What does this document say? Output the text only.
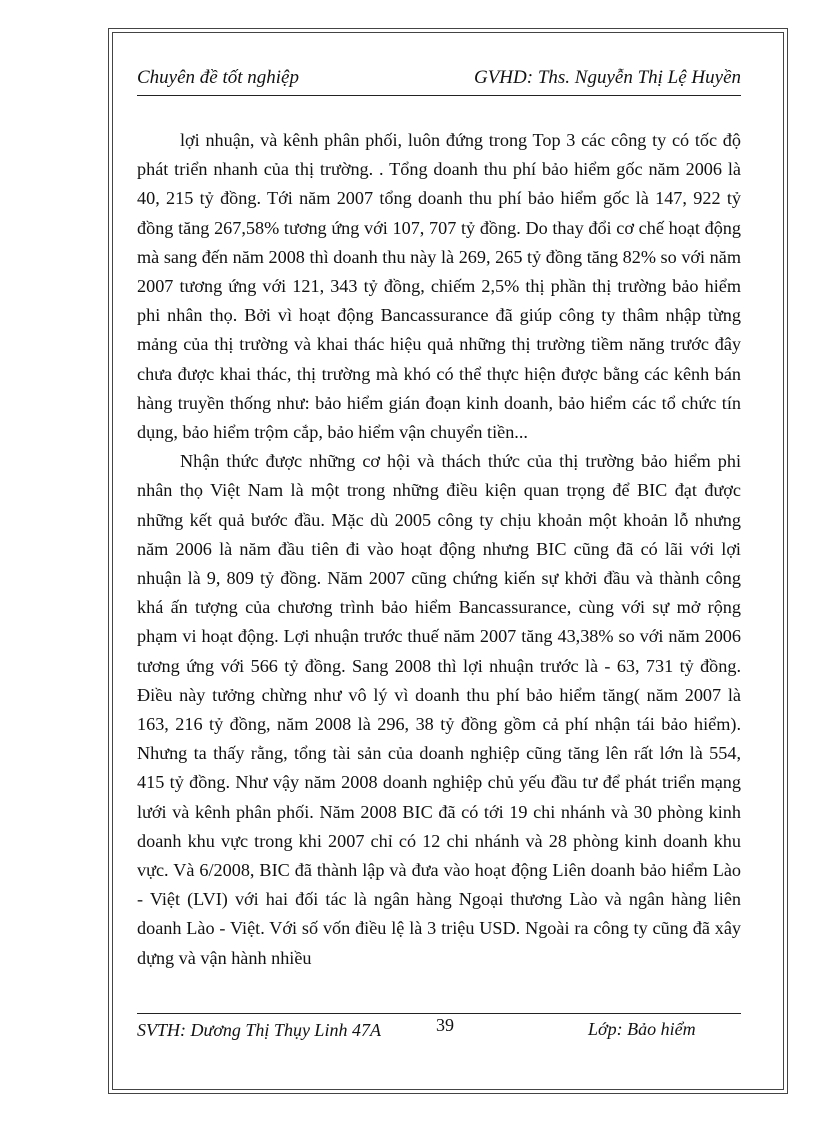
Chuyên đề tốt nghiệp	GVHD: Ths. Nguyễn Thị Lệ Huyền

lợi nhuận, và kênh phân phối, luôn đứng trong Top 3 các công ty có tốc độ phát triển nhanh của thị trường. . Tổng doanh thu phí bảo hiểm gốc năm 2006 là 40, 215 tỷ đồng. Tới năm 2007 tổng doanh thu phí bảo hiểm gốc là 147, 922 tỷ đồng tăng 267,58% tương ứng với 107, 707 tỷ đồng. Do thay đổi cơ chế hoạt động mà sang đến năm 2008 thì doanh thu này là 269, 265 tỷ đồng tăng 82% so với năm 2007 tương ứng với 121, 343 tỷ đồng, chiếm 2,5% thị phần thị trường bảo hiểm phi nhân thọ. Bởi vì hoạt động Bancassurance đã giúp công ty thâm nhập từng mảng của thị trường và khai thác hiệu quả những thị trường tiềm năng trước đây chưa được khai thác, thị trường mà khó có thể thực hiện được bằng các kênh bán hàng truyền thống như: bảo hiểm gián đoạn kinh doanh, bảo hiểm các tổ chức tín dụng, bảo hiểm trộm cắp, bảo hiểm vận chuyển tiền...

Nhận thức được những cơ hội và thách thức của thị trường bảo hiểm phi nhân thọ Việt Nam là một trong những điều kiện quan trọng để BIC đạt được những kết quả bước đầu. Mặc dù 2005 công ty chịu khoản một khoản lỗ nhưng năm 2006 là năm đầu tiên đi vào hoạt động nhưng BIC cũng đã có lãi với lợi nhuận là 9, 809 tỷ đồng. Năm 2007 cũng chứng kiến sự khởi đầu và thành công khá ấn tượng của chương trình bảo hiểm Bancassurance, cùng với sự mở rộng phạm vi hoạt động. Lợi nhuận trước thuế năm 2007 tăng 43,38% so với năm 2006 tương ứng với 566 tỷ đồng. Sang 2008 thì lợi nhuận trước là - 63, 731 tỷ đồng. Điều này tưởng chừng như vô lý vì doanh thu phí bảo hiểm tăng( năm 2007 là 163, 216 tỷ đồng, năm 2008 là 296, 38 tỷ đồng gồm cả phí nhận tái bảo hiểm). Nhưng ta thấy rằng, tổng tài sản của doanh nghiệp cũng tăng lên rất lớn là 554, 415 tỷ đồng. Như vậy năm 2008 doanh nghiệp chủ yếu đầu tư để phát triển mạng lưới và kênh phân phối. Năm 2008 BIC đã có tới 19 chi nhánh và 30 phòng kinh doanh khu vực trong khi 2007 chỉ có 12 chi nhánh và 28 phòng kinh doanh khu vực. Và 6/2008, BIC đã thành lập và đưa vào hoạt động Liên doanh bảo hiểm Lào - Việt (LVI) với hai đối tác là ngân hàng Ngoại thương Lào và ngân hàng liên doanh Lào - Việt. Với số vốn điều lệ là 3 triệu USD. Ngoài ra công ty cũng đã xây dựng và vận hành nhiều

SVTH: Dương Thị Thụy Linh 47A	39	Lớp: Bảo hiểm
